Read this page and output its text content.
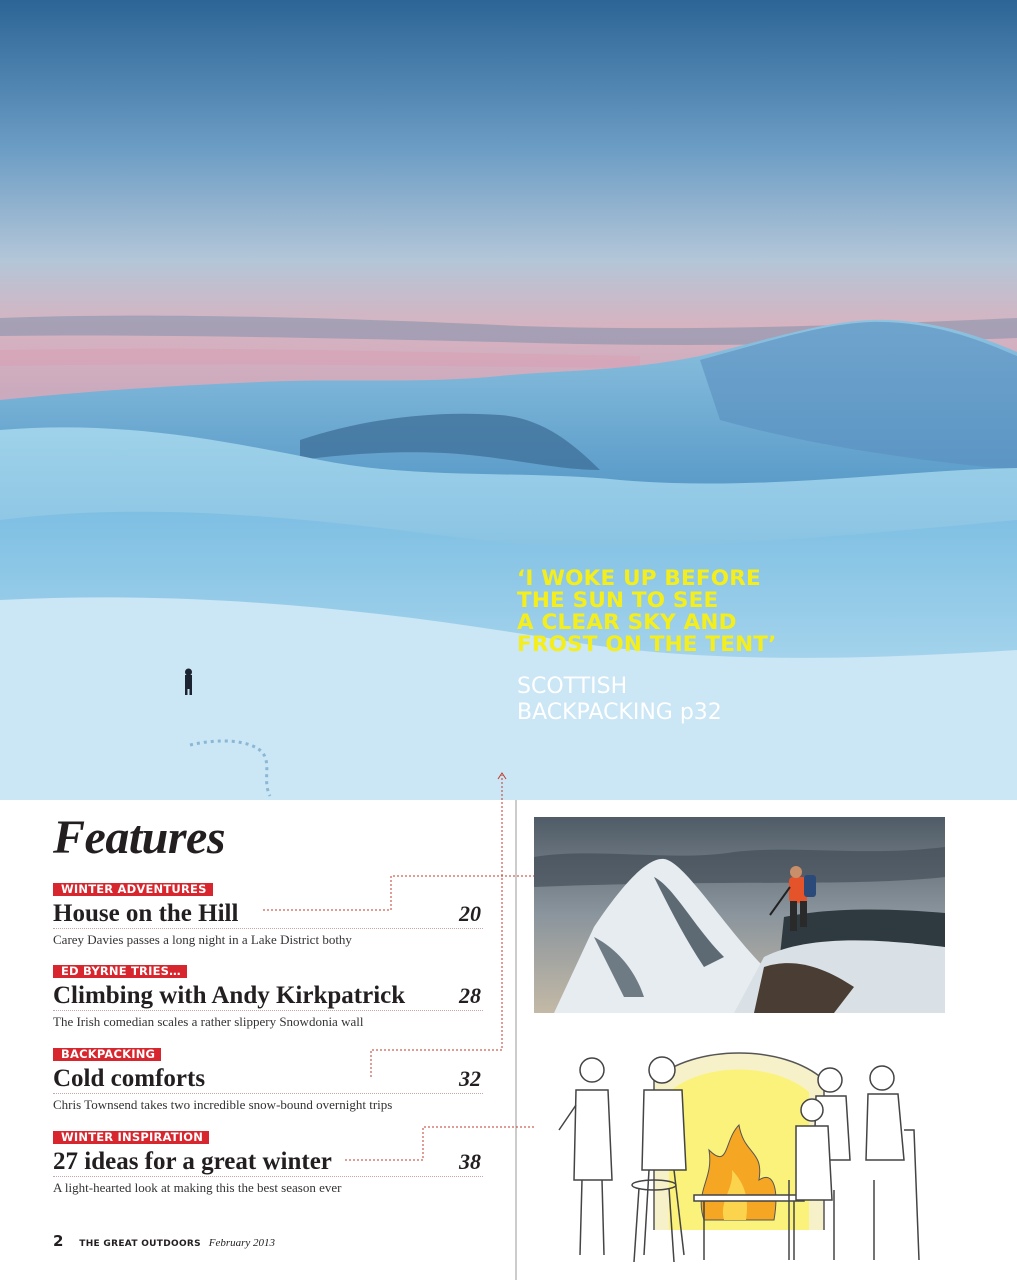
‘I WOKE UP BEFORE
THE SUN TO SEE
A CLEAR SKY AND
FROST ON THE TENT’
SCOTTISH
BACKPACKING p32
Features
WINTER ADVENTURES
House on the Hill	20
Carey Davies passes a long night in a Lake District bothy
ED BYRNE TRIES…
Climbing with Andy Kirkpatrick 28
The Irish comedian scales a rather slippery Snowdonia wall
BACKPACKING
Cold comforts	32
Chris Townsend takes two incredible snow-bound overnight trips
WINTER INSPIRATION
27 ideas for a great winter	38
A light-hearted look at making this the best season ever
2 THE GREAT OUTDOORS February 2013
